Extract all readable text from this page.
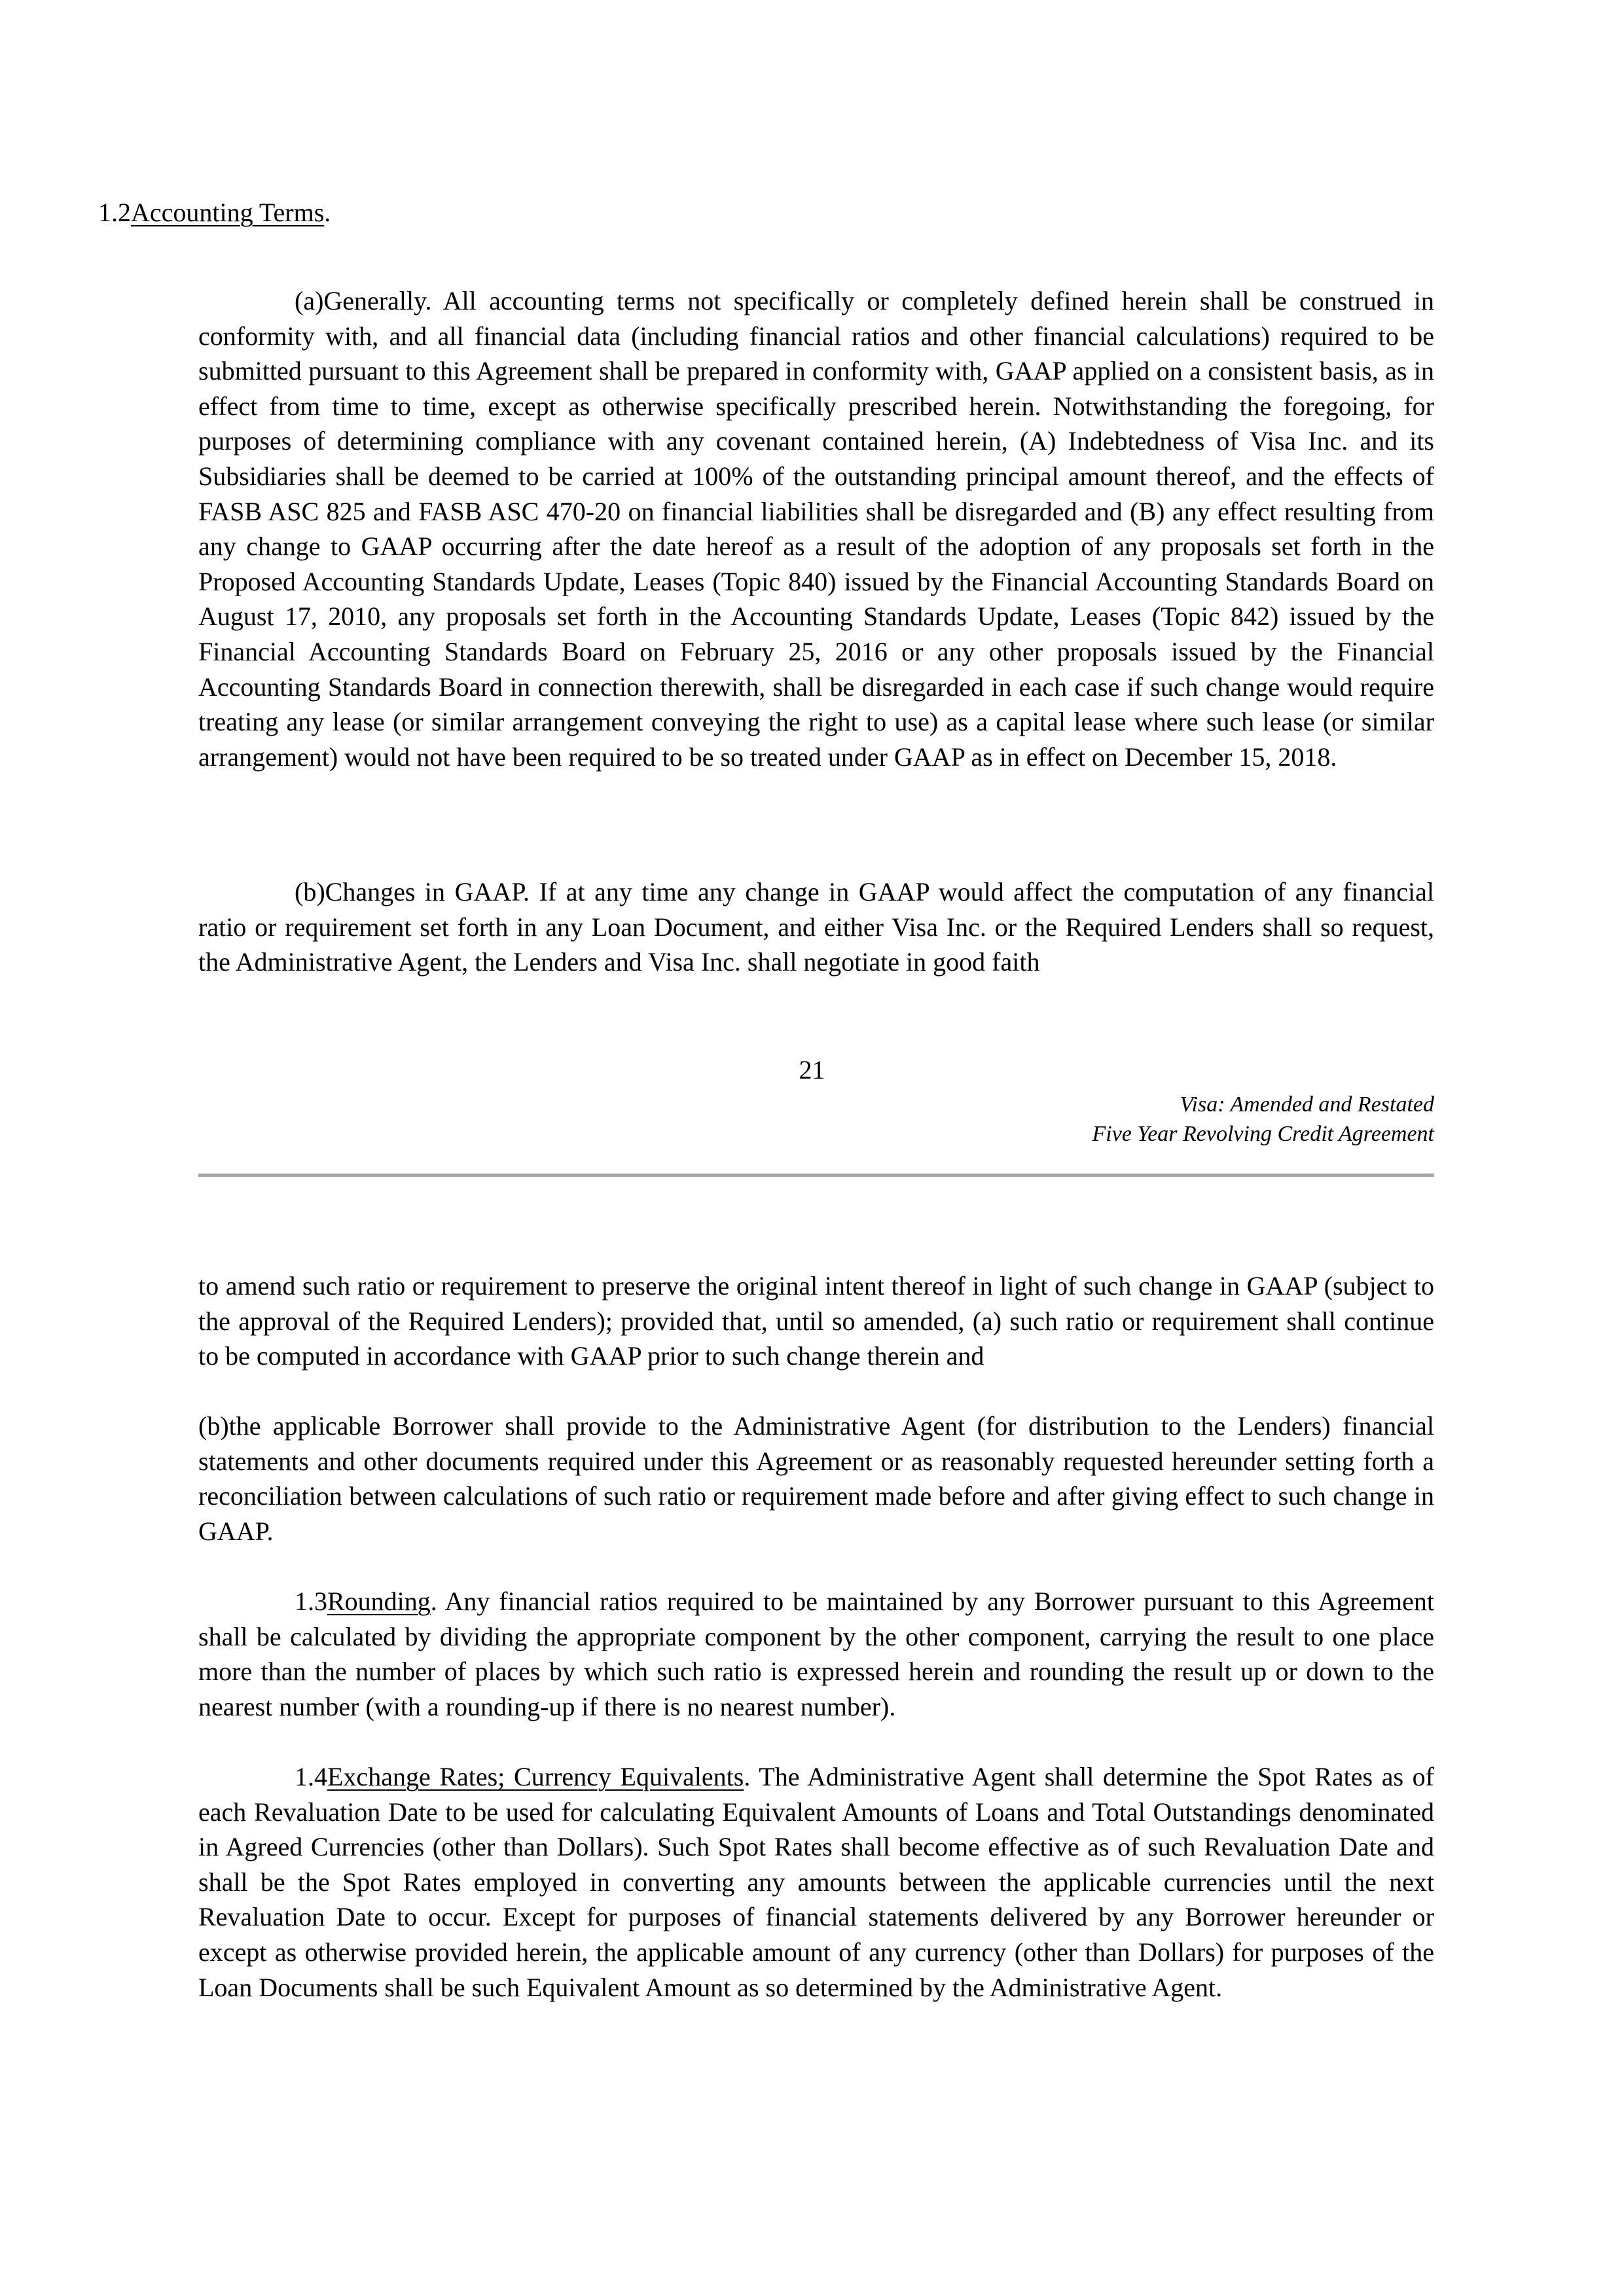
1.2Accounting Terms.

(a)Generally. All accounting terms not specifically or completely defined herein shall be construed in conformity with, and all financial data (including financial ratios and other financial calculations) required to be submitted pursuant to this Agreement shall be prepared in conformity with, GAAP applied on a consistent basis, as in effect from time to time, except as otherwise specifically prescribed herein. Notwithstanding the foregoing, for purposes of determining compliance with any covenant contained herein, (A) Indebtedness of Visa Inc. and its Subsidiaries shall be deemed to be carried at 100% of the outstanding principal amount thereof, and the effects of FASB ASC 825 and FASB ASC 470-20 on financial liabilities shall be disregarded and (B) any effect resulting from any change to GAAP occurring after the date hereof as a result of the adoption of any proposals set forth in the Proposed Accounting Standards Update, Leases (Topic 840) issued by the Financial Accounting Standards Board on August 17, 2010, any proposals set forth in the Accounting Standards Update, Leases (Topic 842) issued by the Financial Accounting Standards Board on February 25, 2016 or any other proposals issued by the Financial Accounting Standards Board in connection therewith, shall be disregarded in each case if such change would require treating any lease (or similar arrangement conveying the right to use) as a capital lease where such lease (or similar arrangement) would not have been required to be so treated under GAAP as in effect on December 15, 2018.

(b)Changes in GAAP. If at any time any change in GAAP would affect the computation of any financial ratio or requirement set forth in any Loan Document, and either Visa Inc. or the Required Lenders shall so request, the Administrative Agent, the Lenders and Visa Inc. shall negotiate in good faith

21
Visa: Amended and Restated
Five Year Revolving Credit Agreement

to amend such ratio or requirement to preserve the original intent thereof in light of such change in GAAP (subject to the approval of the Required Lenders); provided that, until so amended, (a) such ratio or requirement shall continue to be computed in accordance with GAAP prior to such change therein and

(b)the applicable Borrower shall provide to the Administrative Agent (for distribution to the Lenders) financial statements and other documents required under this Agreement or as reasonably requested hereunder setting forth a reconciliation between calculations of such ratio or requirement made before and after giving effect to such change in GAAP.

1.3Rounding. Any financial ratios required to be maintained by any Borrower pursuant to this Agreement shall be calculated by dividing the appropriate component by the other component, carrying the result to one place more than the number of places by which such ratio is expressed herein and rounding the result up or down to the nearest number (with a rounding-up if there is no nearest number).

1.4Exchange Rates; Currency Equivalents. The Administrative Agent shall determine the Spot Rates as of each Revaluation Date to be used for calculating Equivalent Amounts of Loans and Total Outstandings denominated in Agreed Currencies (other than Dollars). Such Spot Rates shall become effective as of such Revaluation Date and shall be the Spot Rates employed in converting any amounts between the applicable currencies until the next Revaluation Date to occur. Except for purposes of financial statements delivered by any Borrower hereunder or except as otherwise provided herein, the applicable amount of any currency (other than Dollars) for purposes of the Loan Documents shall be such Equivalent Amount as so determined by the Administrative Agent.
